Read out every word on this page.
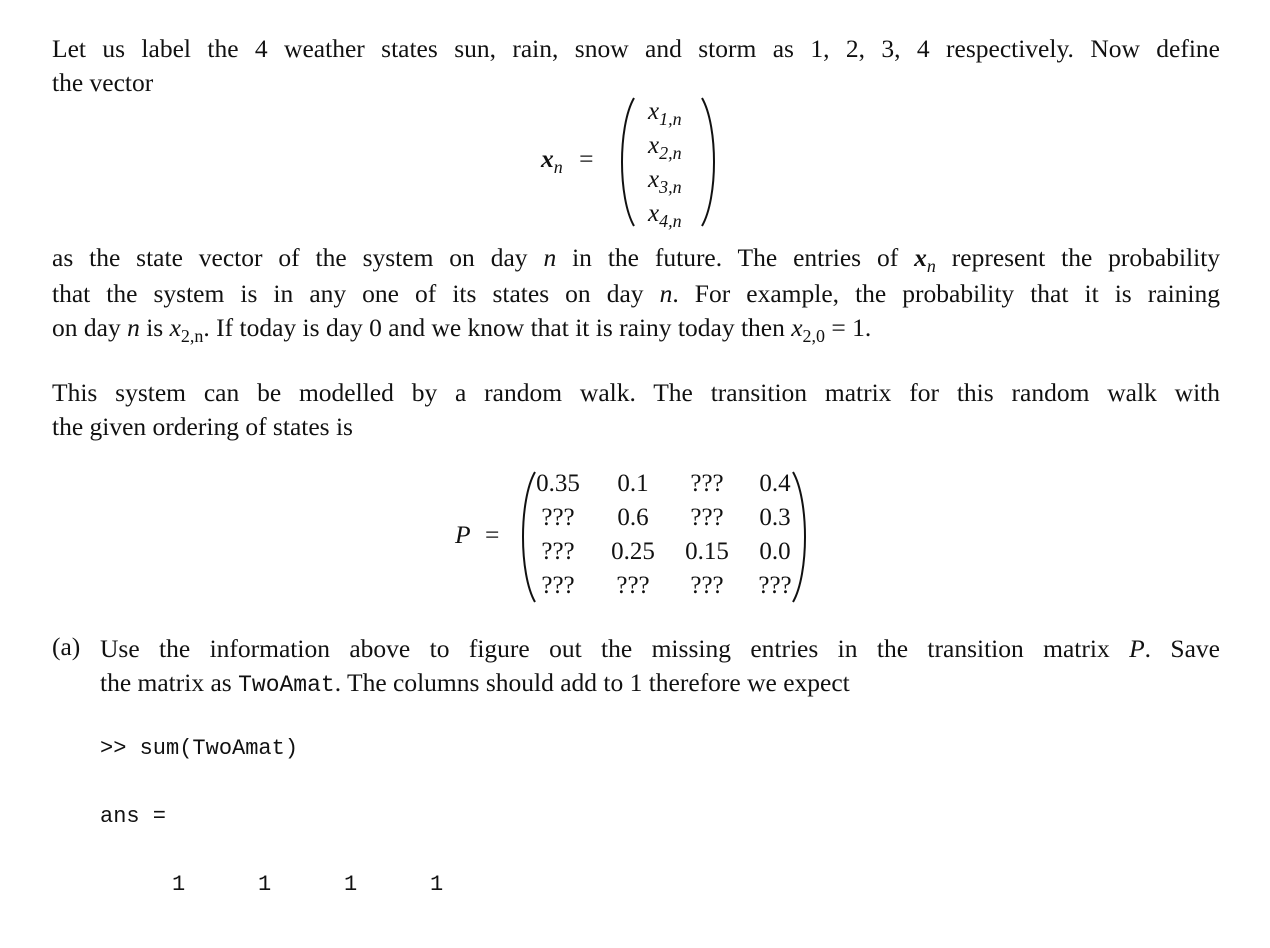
Let us label the 4 weather states sun, rain, snow and storm as 1, 2, 3, 4 respectively. Now define
the vector
$x_n$ =
$x_{1,n}$
$x_{2,n}$
$x_{3,n}$
$x_{4,n}$
as the state vector of the system on day n in the future. The entries of $x_n$ represent the probability
that the system is in any one of its states on day n. For example, the probability that it is raining
on day n is $x_{2,n}$. If today is day 0 and we know that it is rainy today then $x_{2,0} = 1$.
This system can be modelled by a random walk. The transition matrix for this random walk with
the given ordering of states is
P =
0.35	0.1	???	0.4
???	0.6	???	0.3
???	0.25	0.15	0.0
???	???	???	???
(a) Use the information above to figure out the missing entries in the transition matrix P. Save
the matrix as TwoAmat. The columns should add to 1 therefore we expect
>> sum(TwoAmat)
ans =
1	1	1	1
